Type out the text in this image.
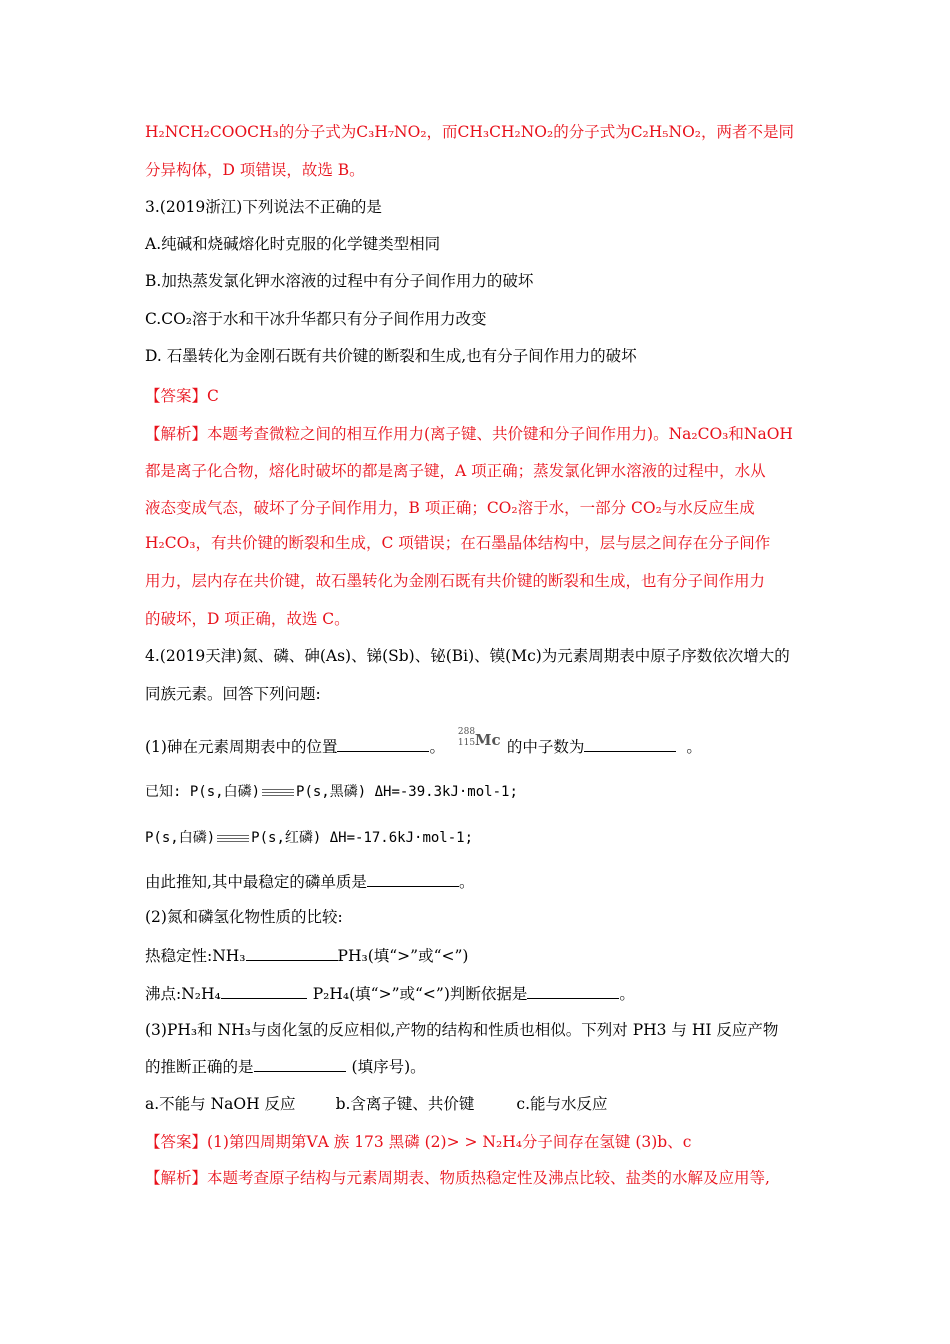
H₂NCH₂COOCH₃的分子式为C₃H₇NO₂，而CH₃CH₂NO₂的分子式为C₂H₅NO₂，两者不是同
分异构体，D 项错误，故选 B。
3.(2019浙江)下列说法不正确的是
A.纯碱和烧碱熔化时克服的化学键类型相同
B.加热蒸发氯化钾水溶液的过程中有分子间作用力的破坏
C.CO₂溶于水和干冰升华都只有分子间作用力改变
D. 石墨转化为金刚石既有共价键的断裂和生成,也有分子间作用力的破坏
【答案】C
【解析】本题考查微粒之间的相互作用力(离子键、共价键和分子间作用力)。Na₂CO₃和NaOH
都是离子化合物，熔化时破坏的都是离子键，A 项正确；蒸发氯化钾水溶液的过程中，水从
液态变成气态，破坏了分子间作用力，B 项正确；CO₂溶于水，一部分 CO₂与水反应生成
H₂CO₃，有共价键的断裂和生成，C 项错误；在石墨晶体结构中，层与层之间存在分子间作
用力，层内存在共价键，故石墨转化为金刚石既有共价键的断裂和生成，也有分子间作用力
的破坏，D 项正确，故选 C。
4.(2019天津)氮、磷、砷(As)、锑(Sb)、铋(Bi)、镆(Mc)为元素周期表中原子序数依次增大的
同族元素。回答下列问题:
(1)砷在元素周期表中的位置	。
288
115 Mc 的中子数为	。
已知: P(s,白磷)	P(s,黑磷) ΔH=-39.3kJ·mol-1;
P(s,白磷)	P(s,红磷) ΔH=-17.6kJ·mol-1;
由此推知,其中最稳定的磷单质是	。
(2)氮和磷氢化物性质的比较:
热稳定性:NH₃	PH₃(填“>”或“<”)
沸点:N₂H₄	P₂H₄(填“>”或“<”)判断依据是	。
(3)PH₃和 NH₃与卤化氢的反应相似,产物的结构和性质也相似。下列对 PH3 与 HI 反应产物
的推断正确的是	(填序号)。
a.不能与 NaOH 反应	b.含离子键、共价键	c.能与水反应
【答案】(1)第四周期第ⅤA 族 173 黑磷 (2)> > N₂H₄分子间存在氢键 (3)b、c
【解析】本题考查原子结构与元素周期表、物质热稳定性及沸点比较、盐类的水解及应用等,
